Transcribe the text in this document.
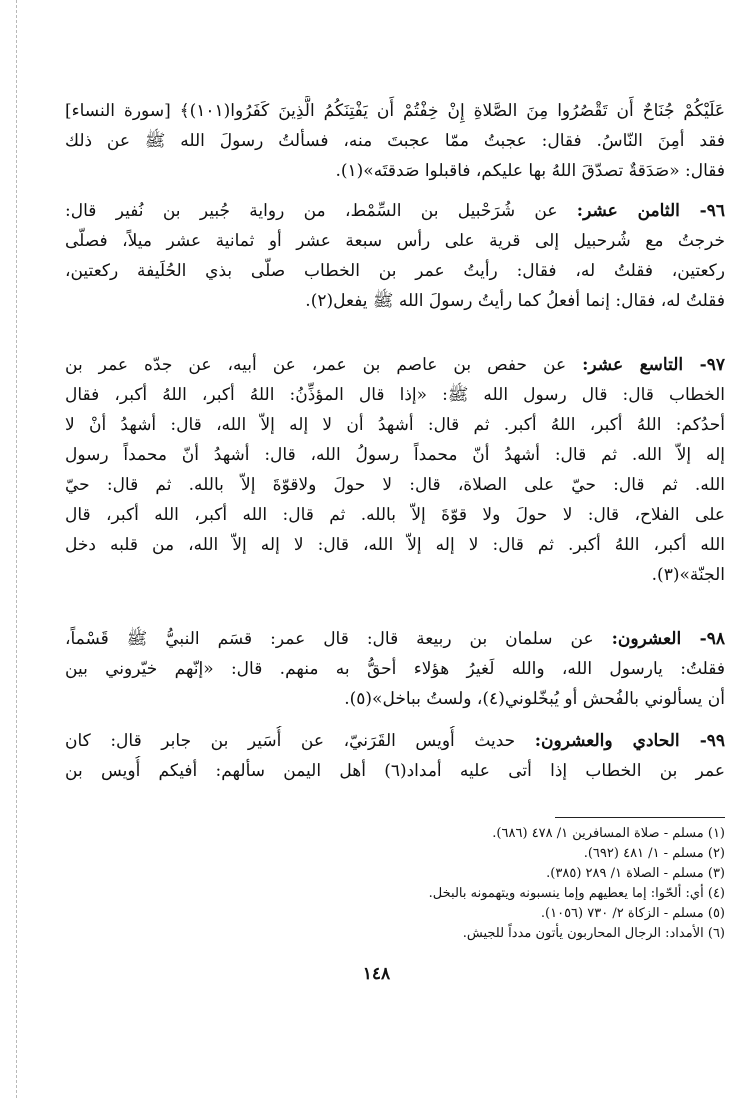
عَلَيْكُمْ جُنَاحٌ أَن تَقْصُرُوا مِنَ الصَّلاةِ إِنْ خِفْتُمْ أَن يَفْتِنَكُمُ الَّذِينَ كَفَرُوا(١٠١)﴾ [سورة النساء]
فقد أمِنَ النّاسُ. فقال: عجبتُ ممّا عجبتَ منه، فسألتُ رسولَ الله ﷺ عن ذلك
فقال: «صَدَقةٌ تصدّقَ اللهُ بها عليكم، فاقبلوا صَدقتَه»(١).
٩٦- الثامن عشر: عن شُرَحْبيل بن السِّمْط، من رواية جُبير بن نُفير قال:
خرجتُ مع شُرحبيل إلى قرية على رأس سبعة عشر أو ثمانية عشر ميلاً، فصلّى
ركعتين، فقلتُ له، فقال: رأيتُ عمر بن الخطاب صلّى بذي الحُلَيفة ركعتين،
فقلتُ له، فقال: إنما أفعلُ كما رأيتُ رسولَ الله ﷺ يفعل(٢).
٩٧- التاسع عشر: عن حفص بن عاصم بن عمر، عن أبيه، عن جدّه عمر بن
الخطاب قال: قال رسول الله ﷺ: «إذا قال المؤذِّنُ: اللهُ أكبر، اللهُ أكبر، فقال
أحدُكم: اللهُ أكبر، اللهُ أكبر. ثم قال: أشهدُ أن لا إله إلاّ الله، قال: أشهدُ أنْ لا
إله إلاّ الله. ثم قال: أشهدُ أنّ محمداً رسولُ الله، قال: أشهدُ أنّ محمداً رسول
الله. ثم قال: حيّ على الصلاة، قال: لا حولَ ولاقوّةَ إلاّ بالله. ثم قال: حيّ
على الفلاح، قال: لا حولَ ولا قوّةَ إلاّ بالله. ثم قال: الله أكبر، الله أكبر، قال
الله أكبر، اللهُ أكبر. ثم قال: لا إله إلاّ الله، قال: لا إله إلاّ الله، من قلبه دخل
الجنّة»(٣).
٩٨- العشرون: عن سلمان بن ربيعة قال: قال عمر: قسَم النبيُّ ﷺ قَسْماً،
فقلتُ: يارسول الله، والله لَغيرُ هؤلاء أحقُّ به منهم. قال: «إنّهم خيّروني بين
أن يسألوني بالفُحش أو يُبخّلوني(٤)، ولستُ بباخل»(٥).
٩٩- الحادي والعشرون: حديث أُويس القَرَنيّ، عن أُسَير بن جابر قال: كان
عمر بن الخطاب إذا أتى عليه أمداد(٦) أهل اليمن سألهم: أفيكم أُويس بن
(١) مسلم - صلاة المسافرين ١/ ٤٧٨ (٦٨٦).
(٢) مسلم - ١/ ٤٨١ (٦٩٢).
(٣) مسلم - الصلاة ١/ ٢٨٩ (٣٨٥).
(٤) أي: ألحّوا: إما يعطيهم وإما ينسبونه ويتهمونه بالبخل.
(٥) مسلم - الزكاة ٢/ ٧٣٠ (١٠٥٦).
(٦) الأمداد: الرجال المحاربون يأتون مدداً للجيش.
١٤٨
